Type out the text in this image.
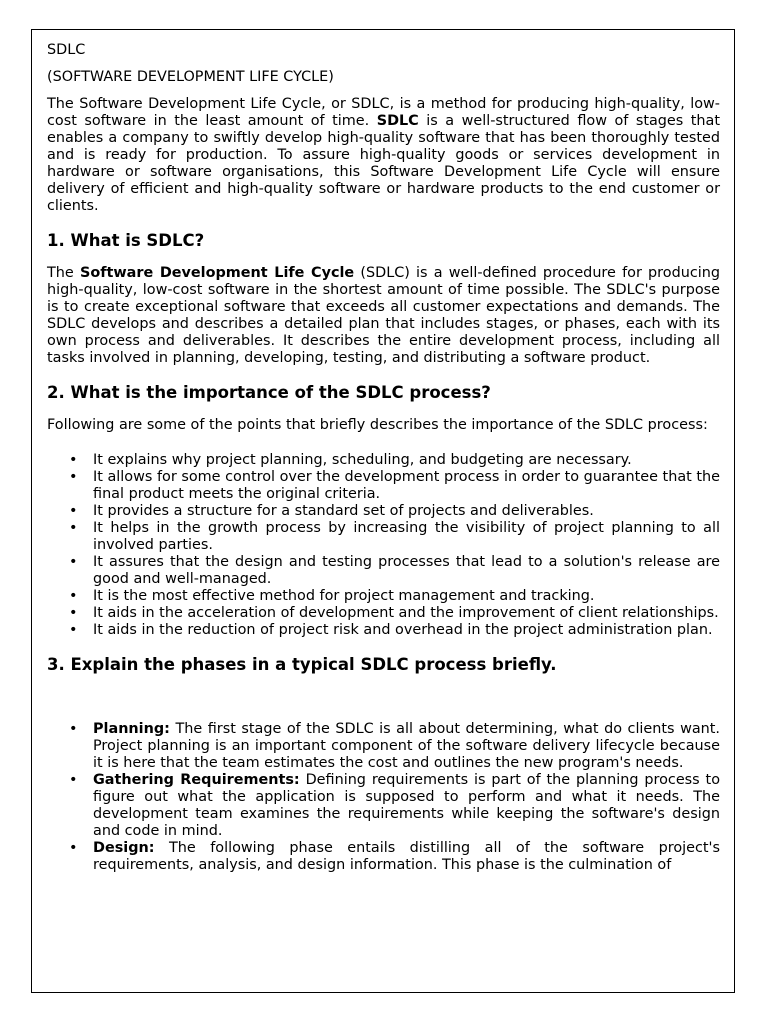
SDLC

(SOFTWARE DEVELOPMENT LIFE CYCLE)

The Software Development Life Cycle, or SDLC, is a method for producing high-quality, low-cost software in the least amount of time. SDLC is a well-structured flow of stages that enables a company to swiftly develop high-quality software that has been thoroughly tested and is ready for production. To assure high-quality goods or services development in hardware or software organisations, this Software Development Life Cycle will ensure delivery of efficient and high-quality software or hardware products to the end customer or clients.

1. What is SDLC?

The Software Development Life Cycle (SDLC) is a well-defined procedure for producing high-quality, low-cost software in the shortest amount of time possible. The SDLC's purpose is to create exceptional software that exceeds all customer expectations and demands. The SDLC develops and describes a detailed plan that includes stages, or phases, each with its own process and deliverables. It describes the entire development process, including all tasks involved in planning, developing, testing, and distributing a software product.

2. What is the importance of the SDLC process?

Following are some of the points that briefly describes the importance of the SDLC process:

• It explains why project planning, scheduling, and budgeting are necessary.
• It allows for some control over the development process in order to guarantee that the final product meets the original criteria.
• It provides a structure for a standard set of projects and deliverables.
• It helps in the growth process by increasing the visibility of project planning to all involved parties.
• It assures that the design and testing processes that lead to a solution's release are good and well-managed.
• It is the most effective method for project management and tracking.
• It aids in the acceleration of development and the improvement of client relationships.
• It aids in the reduction of project risk and overhead in the project administration plan.
3. Explain the phases in a typical SDLC process briefly.
• Planning: The first stage of the SDLC is all about determining, what do clients want. Project planning is an important component of the software delivery lifecycle because it is here that the team estimates the cost and outlines the new program's needs.
• Gathering Requirements: Defining requirements is part of the planning process to figure out what the application is supposed to perform and what it needs. The development team examines the requirements while keeping the software's design and code in mind.
• Design: The following phase entails distilling all of the software project's requirements, analysis, and design information. This phase is the culmination of
